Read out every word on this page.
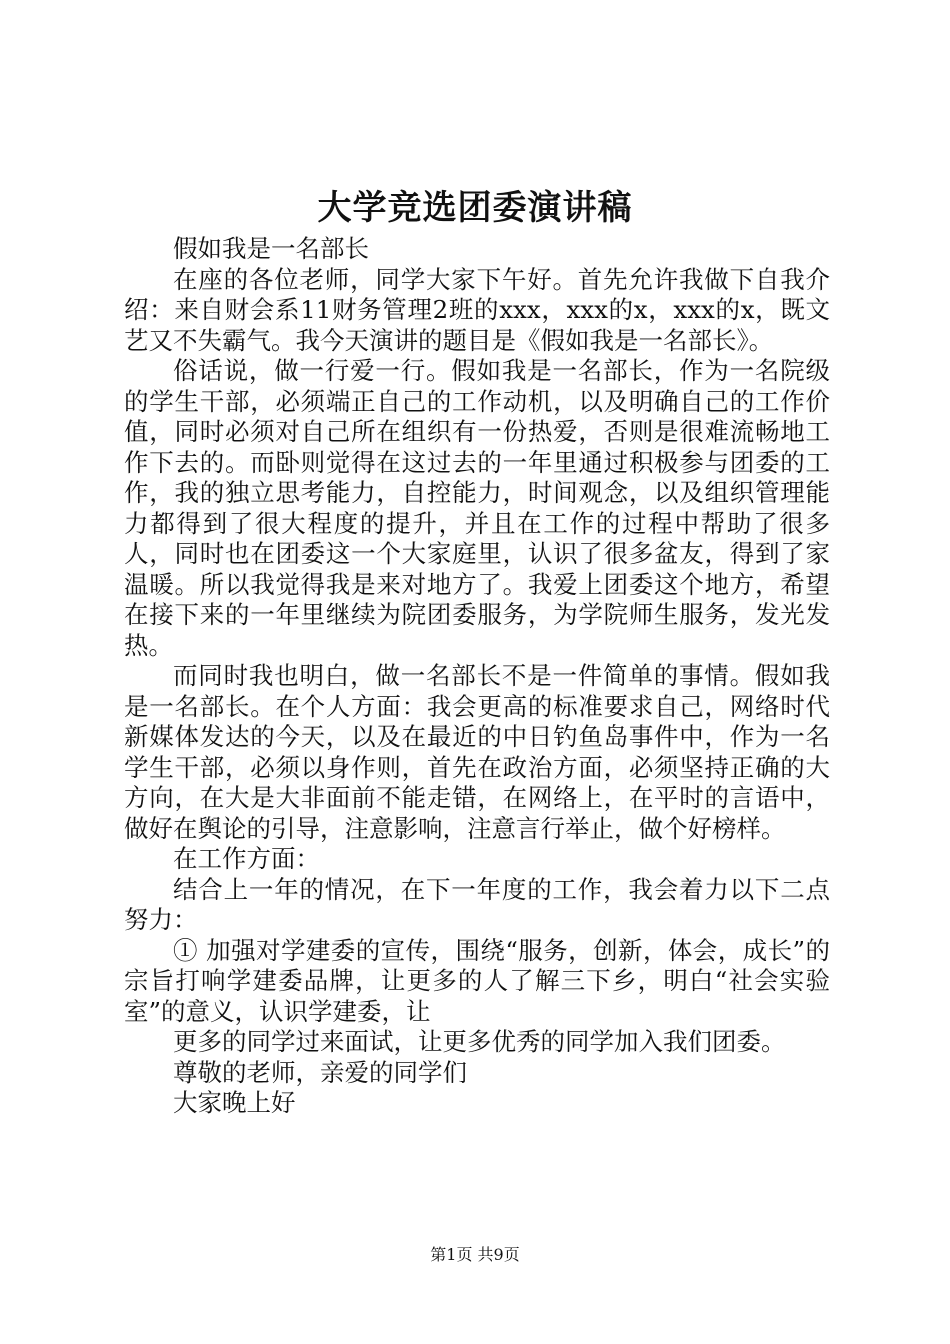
大学竞选团委演讲稿

假如我是一名部长

在座的各位老师，同学大家下午好。首先允许我做下自我介绍：来自财会系11财务管理2班的xxx，xxx的x，xxx的x，既文艺又不失霸气。我今天演讲的题目是《假如我是一名部长》。

俗话说，做一行爱一行。假如我是一名部长，作为一名院级的学生干部，必须端正自己的工作动机，以及明确自己的工作价值，同时必须对自己所在组织有一份热爱，否则是很难流畅地工作下去的。而卧则觉得在这过去的一年里通过积极参与团委的工作，我的独立思考能力，自控能力，时间观念，以及组织管理能力都得到了很大程度的提升，并且在工作的过程中帮助了很多人，同时也在团委这一个大家庭里，认识了很多盆友，得到了家温暖。所以我觉得我是来对地方了。我爱上团委这个地方，希望在接下来的一年里继续为院团委服务，为学院师生服务，发光发热。

而同时我也明白，做一名部长不是一件简单的事情。假如我是一名部长。在个人方面：我会更高的标准要求自己，网络时代新媒体发达的今天，以及在最近的中日钓鱼岛事件中，作为一名学生干部，必须以身作则，首先在政治方面，必须坚持正确的大方向，在大是大非面前不能走错，在网络上，在平时的言语中，做好在舆论的引导，注意影响，注意言行举止，做个好榜样。

在工作方面：

结合上一年的情况，在下一年度的工作，我会着力以下二点努力：

① 加强对学建委的宣传，围绕“服务，创新，体会，成长”的宗旨打响学建委品牌，让更多的人了解三下乡，明白“社会实验室”的意义，认识学建委，让

更多的同学过来面试，让更多优秀的同学加入我们团委。

尊敬的老师，亲爱的同学们

大家晚上好

第1页 共9页
